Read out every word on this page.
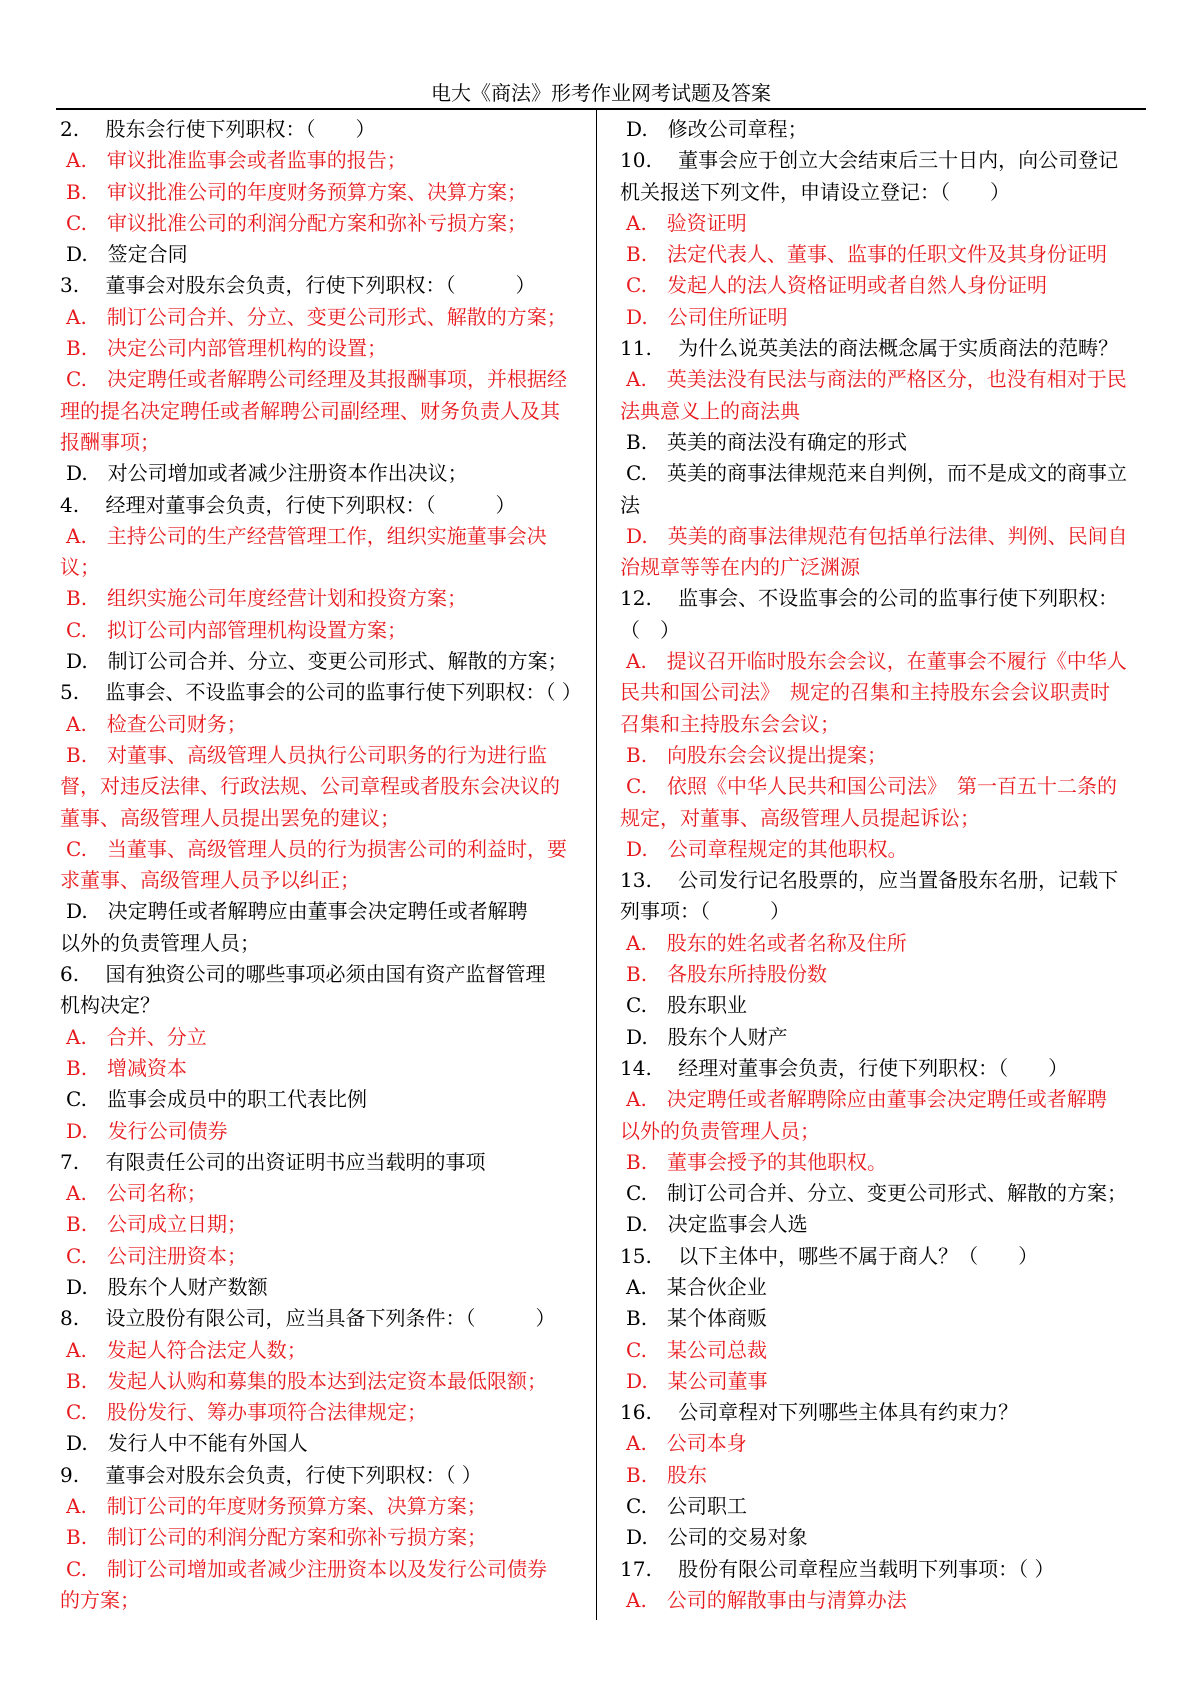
电大《商法》形考作业网考试题及答案
2.　 股东会行使下列职权：（　　）
A.　审议批准监事会或者监事的报告；
B.　审议批准公司的年度财务预算方案、决算方案；
C.　审议批准公司的利润分配方案和弥补亏损方案；
D.　签定合同
3.　 董事会对股东会负责，行使下列职权：（　　　）
A.　制订公司合并、分立、变更公司形式、解散的方案；
B.　决定公司内部管理机构的设置；
C.　决定聘任或者解聘公司经理及其报酬事项，并根据经
理的提名决定聘任或者解聘公司副经理、财务负责人及其
报酬事项；
D.　对公司增加或者减少注册资本作出决议；
4.　 经理对董事会负责，行使下列职权：（　　　）
A.　主持公司的生产经营管理工作，组织实施董事会决
议；
B.　组织实施公司年度经营计划和投资方案；
C.　拟订公司内部管理机构设置方案；
D.　制订公司合并、分立、变更公司形式、解散的方案；
5.　 监事会、不设监事会的公司的监事行使下列职权：（ ）
A.　检查公司财务；
B.　对董事、高级管理人员执行公司职务的行为进行监
督，对违反法律、行政法规、公司章程或者股东会决议的
董事、高级管理人员提出罢免的建议；
C.　当董事、高级管理人员的行为损害公司的利益时，要
求董事、高级管理人员予以纠正；
D.　决定聘任或者解聘应由董事会决定聘任或者解聘
以外的负责管理人员；
6.　 国有独资公司的哪些事项必须由国有资产监督管理
机构决定？
A.　合并、分立
B.　增减资本
C.　监事会成员中的职工代表比例
D.　发行公司债券
7.　 有限责任公司的出资证明书应当载明的事项
A.　公司名称；
B.　公司成立日期；
C.　公司注册资本；
D.　股东个人财产数额
8.　 设立股份有限公司，应当具备下列条件：（　　　）
A.　发起人符合法定人数；
B.　发起人认购和募集的股本达到法定资本最低限额；
C.　股份发行、筹办事项符合法律规定；
D.　发行人中不能有外国人
9.　 董事会对股东会负责，行使下列职权：（ ）
A.　制订公司的年度财务预算方案、决算方案；
B.　制订公司的利润分配方案和弥补亏损方案；
C.　制订公司增加或者减少注册资本以及发行公司债券
的方案；
D.　修改公司章程；
10.　 董事会应于创立大会结束后三十日内，向公司登记
机关报送下列文件，申请设立登记：（　　）
A.　验资证明
B.　法定代表人、董事、监事的任职文件及其身份证明
C.　发起人的法人资格证明或者自然人身份证明
D.　公司住所证明
11.　 为什么说英美法的商法概念属于实质商法的范畴？
A.　英美法没有民法与商法的严格区分，也没有相对于民
法典意义上的商法典
B.　英美的商法没有确定的形式
C.　英美的商事法律规范来自判例，而不是成文的商事立
法
D.　英美的商事法律规范有包括单行法律、判例、民间自
治规章等等在内的广泛渊源
12.　 监事会、不设监事会的公司的监事行使下列职权：
（　）
A.　提议召开临时股东会会议，在董事会不履行《中华人
民共和国公司法》　规定的召集和主持股东会会议职责时
召集和主持股东会会议；
B.　向股东会会议提出提案；
C.　依照《中华人民共和国公司法》　第一百五十二条的
规定，对董事、高级管理人员提起诉讼；
D.　公司章程规定的其他职权。
13.　 公司发行记名股票的，应当置备股东名册，记载下
列事项：（　　　）
A.　股东的姓名或者名称及住所
B.　各股东所持股份数
C.　股东职业
D.　股东个人财产
14.　 经理对董事会负责，行使下列职权：（　　）
A.　决定聘任或者解聘除应由董事会决定聘任或者解聘
以外的负责管理人员；
B.　董事会授予的其他职权。
C.　制订公司合并、分立、变更公司形式、解散的方案；
D.　决定监事会人选
15.　 以下主体中，哪些不属于商人？（　　）
A.　某合伙企业
B.　某个体商贩
C.　某公司总裁
D.　某公司董事
16.　 公司章程对下列哪些主体具有约束力？
A.　公司本身
B.　股东
C.　公司职工
D.　公司的交易对象
17.　 股份有限公司章程应当载明下列事项：（ ）
A.　公司的解散事由与清算办法
